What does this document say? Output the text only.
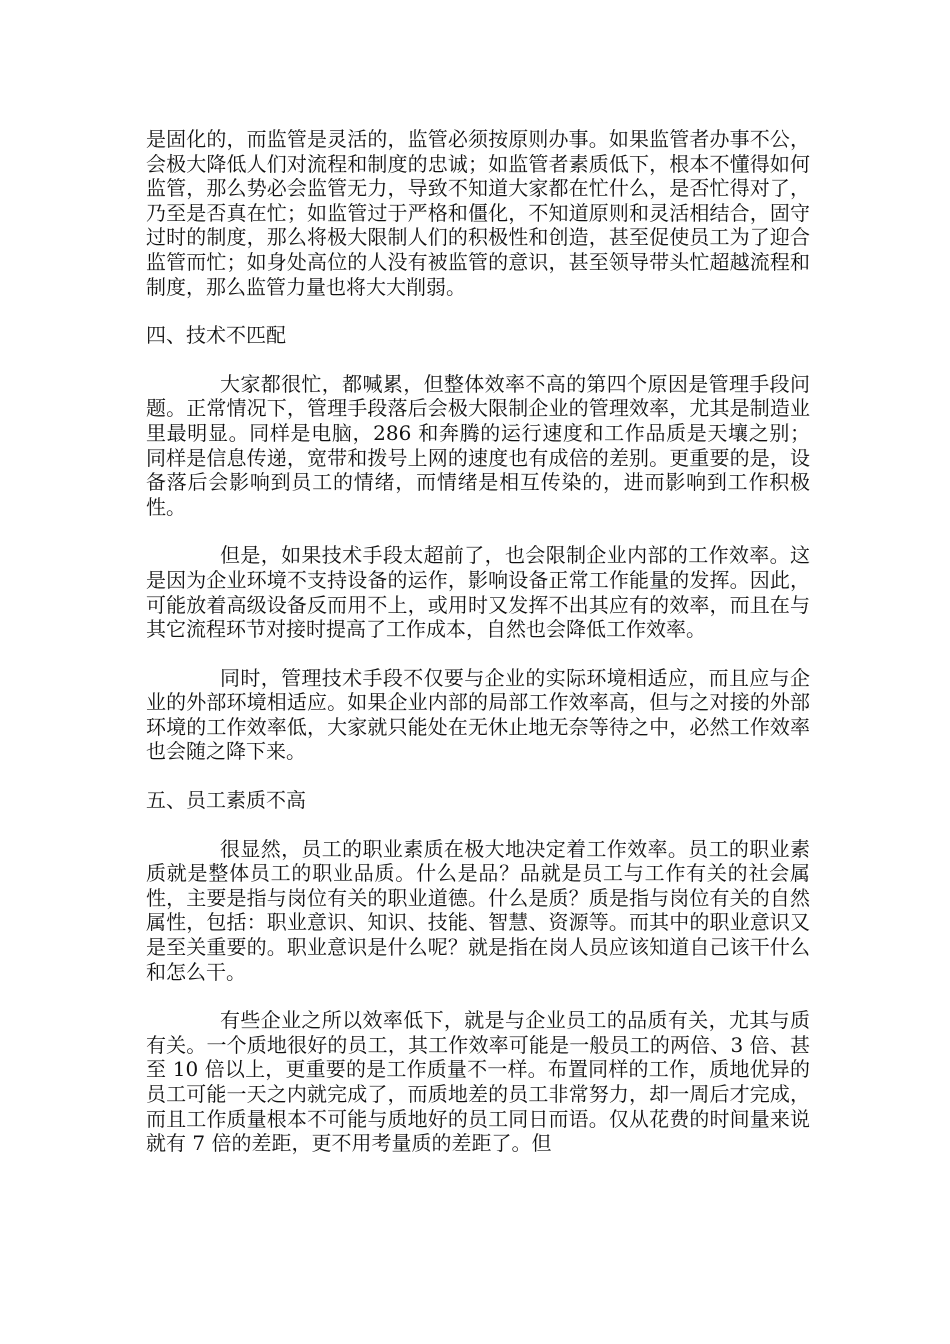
是固化的，而监管是灵活的，监管必须按原则办事。如果监管者办事不公，会极大降低人们对流程和制度的忠诚；如监管者素质低下，根本不懂得如何监管，那么势必会监管无力，导致不知道大家都在忙什么，是否忙得对了，乃至是否真在忙；如监管过于严格和僵化，不知道原则和灵活相结合，固守过时的制度，那么将极大限制人们的积极性和创造，甚至促使员工为了迎合监管而忙；如身处高位的人没有被监管的意识，甚至领导带头忙超越流程和制度，那么监管力量也将大大削弱。

四、技术不匹配

大家都很忙，都喊累，但整体效率不高的第四个原因是管理手段问题。正常情况下，管理手段落后会极大限制企业的管理效率，尤其是制造业里最明显。同样是电脑，286 和奔腾的运行速度和工作品质是天壤之别；同样是信息传递，宽带和拨号上网的速度也有成倍的差别。更重要的是，设备落后会影响到员工的情绪，而情绪是相互传染的，进而影响到工作积极性。

但是，如果技术手段太超前了，也会限制企业内部的工作效率。这是因为企业环境不支持设备的运作，影响设备正常工作能量的发挥。因此，可能放着高级设备反而用不上，或用时又发挥不出其应有的效率，而且在与其它流程环节对接时提高了工作成本，自然也会降低工作效率。

同时，管理技术手段不仅要与企业的实际环境相适应，而且应与企业的外部环境相适应。如果企业内部的局部工作效率高，但与之对接的外部环境的工作效率低，大家就只能处在无休止地无奈等待之中，必然工作效率也会随之降下来。

五、员工素质不高

很显然，员工的职业素质在极大地决定着工作效率。员工的职业素质就是整体员工的职业品质。什么是品？品就是员工与工作有关的社会属性，主要是指与岗位有关的职业道德。什么是质？质是指与岗位有关的自然属性，包括：职业意识、知识、技能、智慧、资源等。而其中的职业意识又是至关重要的。职业意识是什么呢？就是指在岗人员应该知道自己该干什么和怎么干。

有些企业之所以效率低下，就是与企业员工的品质有关，尤其与质有关。一个质地很好的员工，其工作效率可能是一般员工的两倍、3 倍、甚至 10 倍以上，更重要的是工作质量不一样。布置同样的工作，质地优异的员工可能一天之内就完成了，而质地差的员工非常努力，却一周后才完成，而且工作质量根本不可能与质地好的员工同日而语。仅从花费的时间量来说就有 7 倍的差距，更不用考量质的差距了。但
